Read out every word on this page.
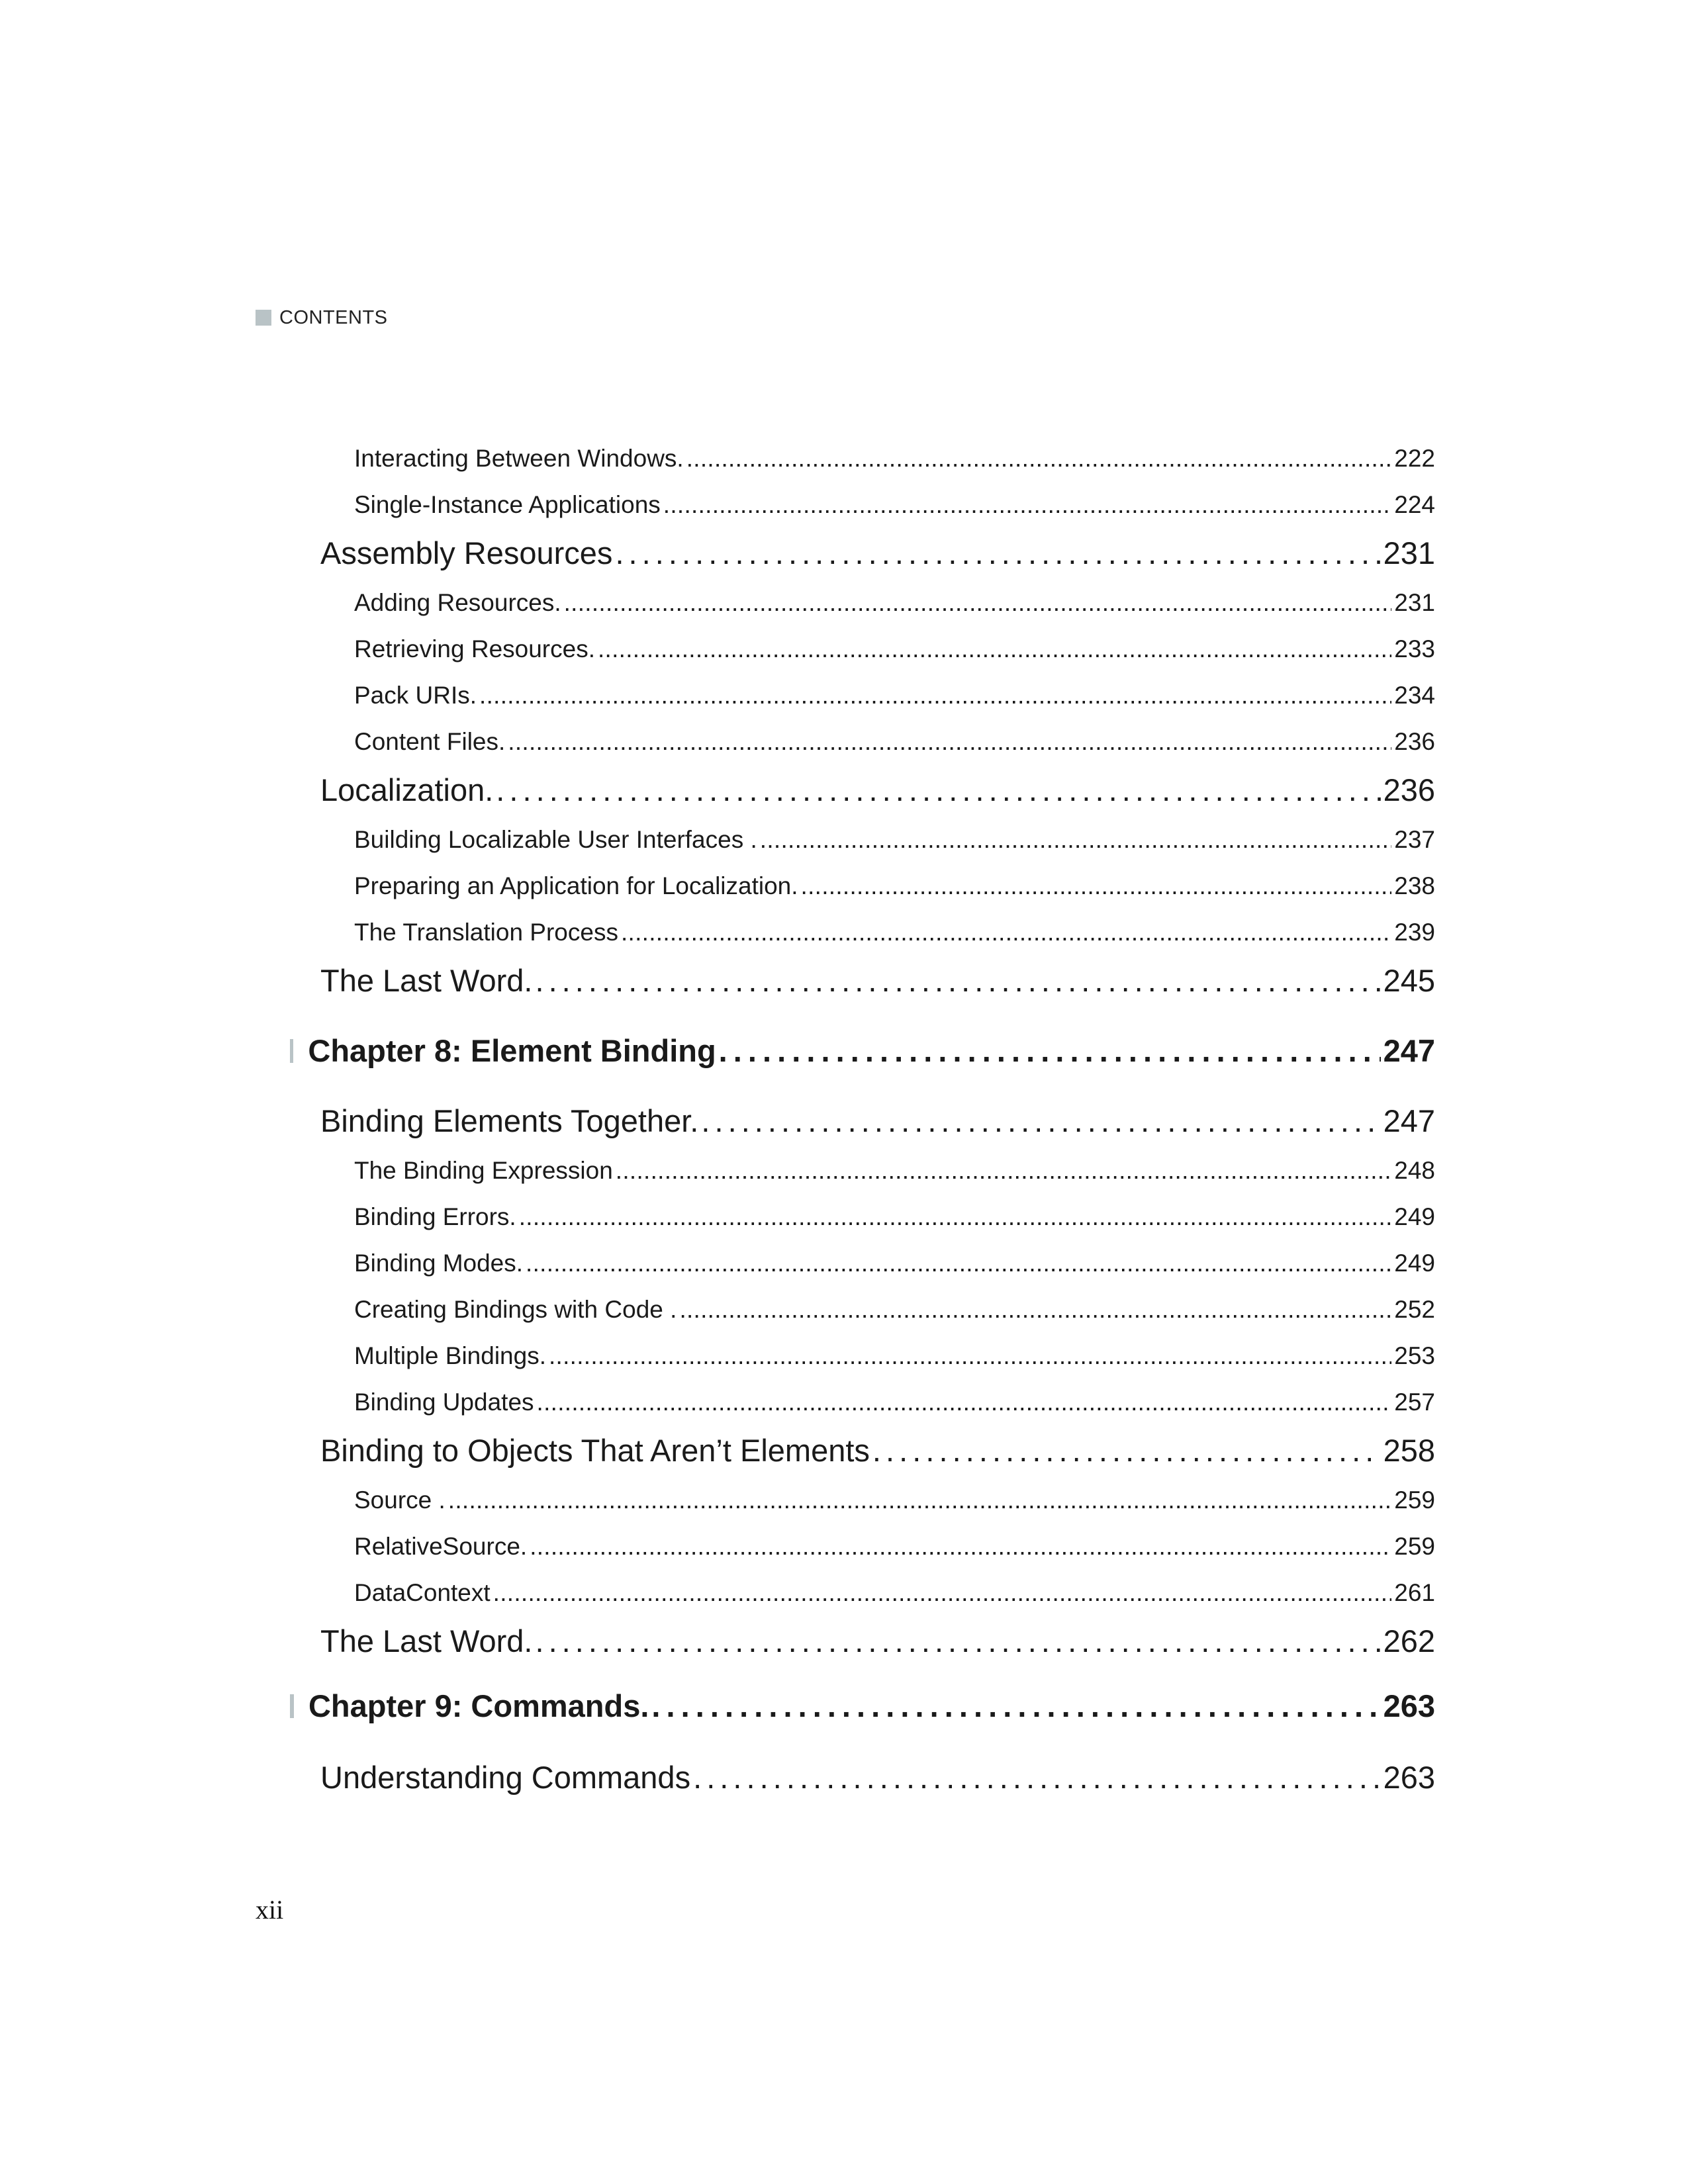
CONTENTS
Interacting Between Windows. . . .	222
Single-Instance Applications . . .	224
Assembly Resources . . .	231
Adding Resources. . . .	231
Retrieving Resources. . . .	233
Pack URIs. . . .	234
Content Files. . . .	236
Localization. . . .	236
Building Localizable User Interfaces . . . .	237
Preparing an Application for Localization. . . .	238
The Translation Process . . .	239
The Last Word. . . .	245
Chapter 8: Element Binding . . .	247
Binding Elements Together. . . .	247
The Binding Expression . . .	248
Binding Errors. . . .	249
Binding Modes. . . .	249
Creating Bindings with Code . . . .	252
Multiple Bindings. . . .	253
Binding Updates . . .	257
Binding to Objects That Aren’t Elements . . .	258
Source . . . .	259
RelativeSource. . . .	259
DataContext . . .	261
The Last Word. . . .	262
Chapter 9: Commands. . . .	263
Understanding Commands . . .	263
xii
